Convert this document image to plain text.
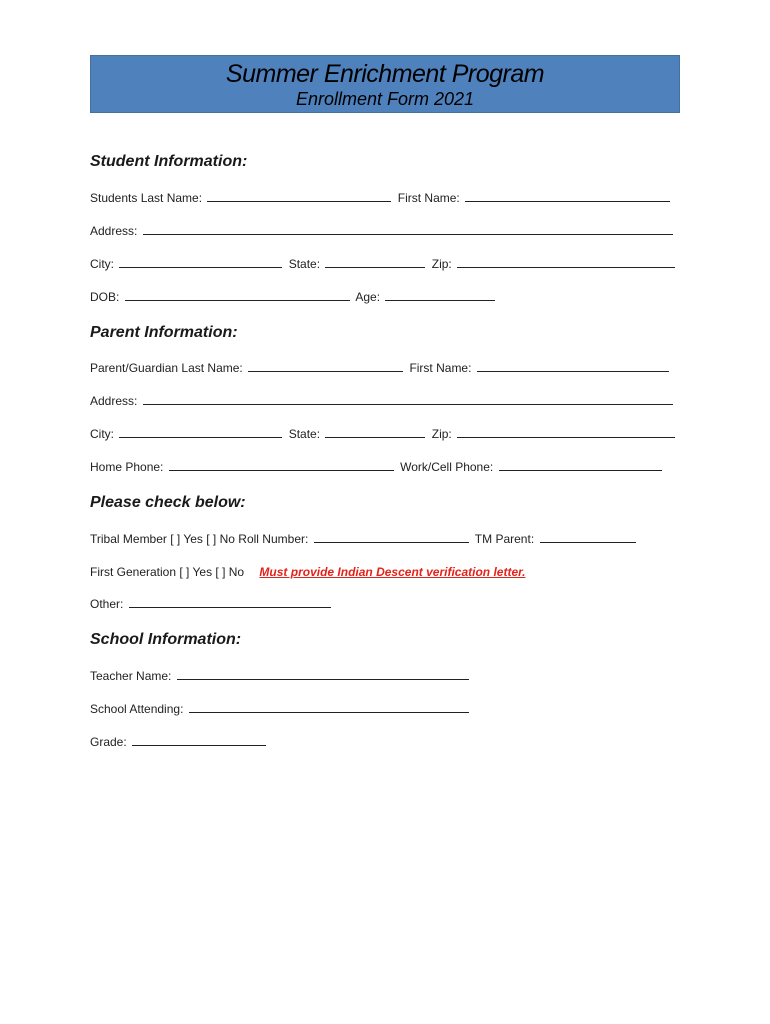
Summer Enrichment Program
Enrollment Form 2021
Student Information:
Students Last Name:	First Name:
Address:
City:	State:	Zip:
DOB:	Age:
Parent Information:
Parent/Guardian Last Name:	First Name:
Address:
City:	State:	Zip:
Home Phone:	Work/Cell Phone:
Please check below:
Tribal Member [ ] Yes [ ] No Roll Number:	TM Parent:
First Generation [ ] Yes [ ] No Must provide Indian Descent verification letter.
Other:
School Information:
Teacher Name:
School Attending:
Grade:
